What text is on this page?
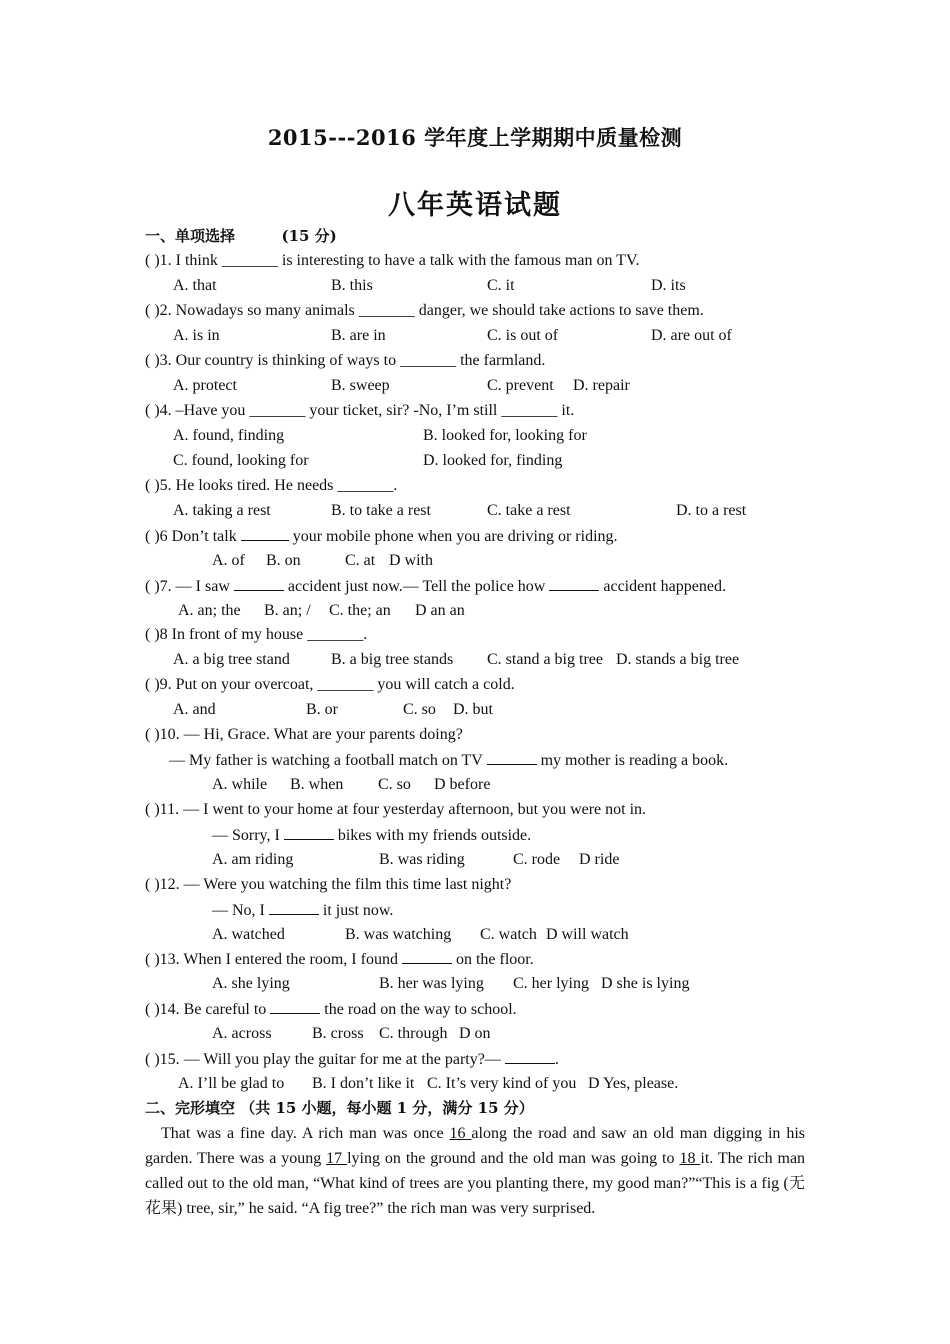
2015---2016 学年度上学期期中质量检测
八年英语试题
一、单项选择	(15 分)
( )1. I think _______ is interesting to have a talk with the famous man on TV.
A. that	B. this	C. it	D. its
( )2. Nowadays so many animals _______ danger, we should take actions to save them.
A. is in	B. are in	C. is out of	D. are out of
( )3. Our country is thinking of ways to _______ the farmland.
A. protect	B. sweep	C. prevent D. repair
( )4. –Have you _______ your ticket, sir? -No, I’m still _______ it.
A. found, finding	B. looked for, looking for
C. found, looking for	D. looked for, finding
( )5. He looks tired. He needs _______.
A. taking a rest	B. to take a rest	C. take a rest	D. to a rest
( )6 Don’t talk	your mobile phone when you are driving or riding.
A. of B. on	C. at D with
( )7. — I saw	accident just now.— Tell the police how	accident happened.
A. an; the B. an; / C. the; an D an an
( )8 In front of my house _______.
A. a big tree stand	B. a big tree stands C. stand a big tree D. stands a big tree
( )9. Put on your overcoat, _______ you will catch a cold.
A. and	B. or	C. so D. but
( )10. — Hi, Grace. What are your parents doing?
— My father is watching a football match on TV	my mother is reading a book.
A. while B. when C. so D before
( )11. — I went to your home at four yesterday afternoon, but you were not in.
— Sorry, I	bikes with my friends outside.
A. am riding	B. was riding	C. rode D ride
( )12. — Were you watching the film this time last night?
— No, I	it just now.
A. watched	B. was watching C. watch D will watch
( )13. When I entered the room, I found	on the floor.
A. she lying	B. her was lying C. her lying D she is lying
( )14. Be careful to	the road on the way to school.
A. across	B. cross C. through D on
( )15. — Will you play the guitar for me at the party?—	.
A. I’ll be glad to B. I don’t like it C. It’s very kind of you D Yes, please.
二、完形填空 （共 15 小题，每小题 1 分，满分 15 分）
That was a fine day. A rich man was once 16 along the road and saw an old man digging in his garden. There was a young 17 lying on the ground and the old man was going to 18 it. The rich man called out to the old man, “What kind of trees are you planting there, my good man?”“This is a fig (无花果) tree, sir,” he said. “A fig tree?” the rich man was very surprised.
